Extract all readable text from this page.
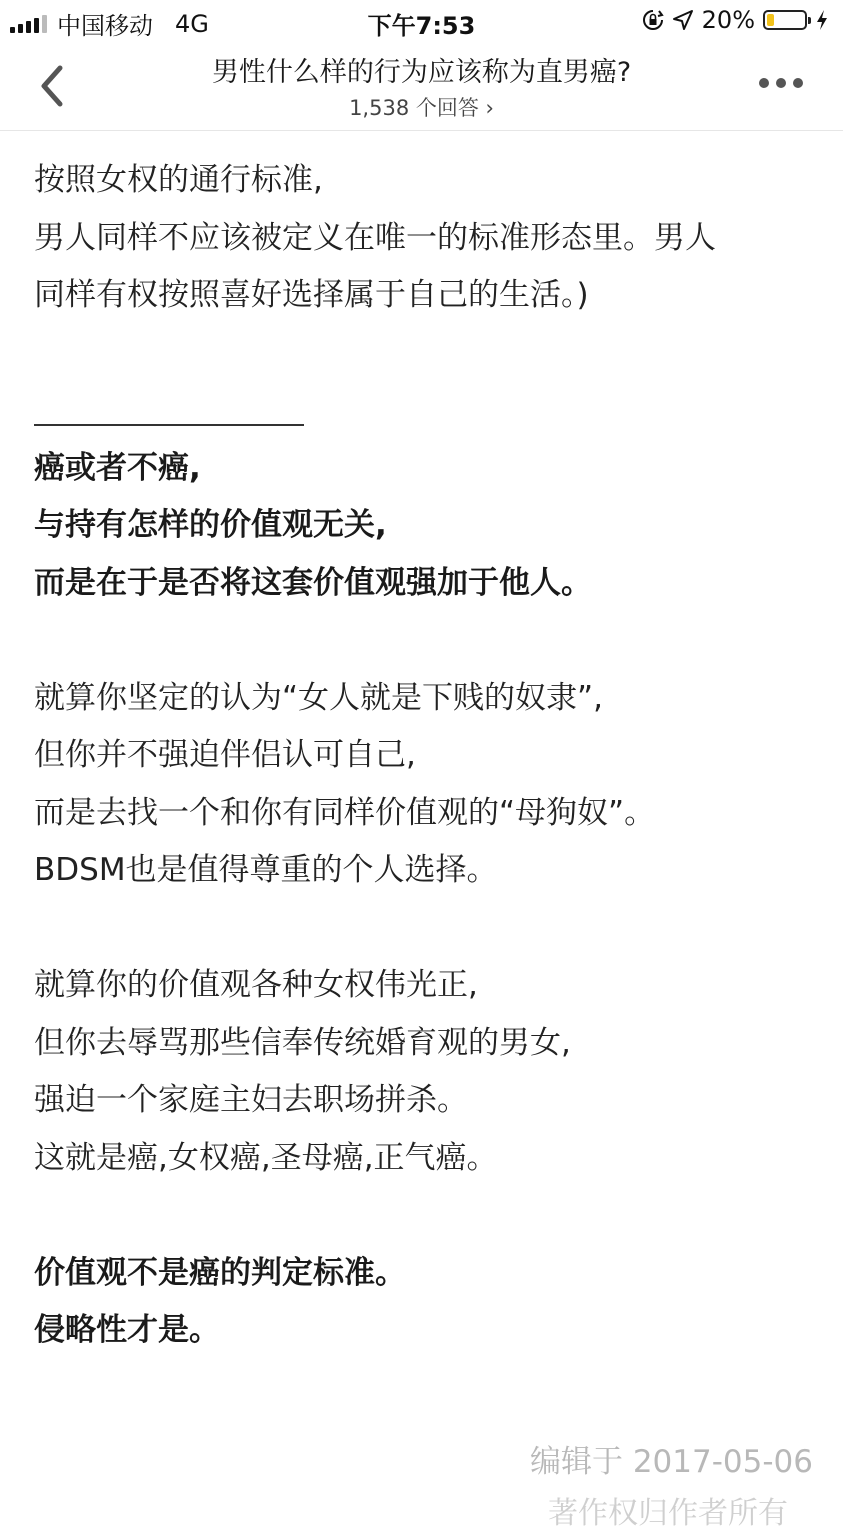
中国移动 4G	下午7:53	20%
男性什么样的行为应该称为直男癌?
1,538 个回答 ›
按照女权的通行标准,
男人同样不应该被定义在唯一的标准形态里。男人
同样有权按照喜好选择属于自己的生活。)
癌或者不癌,
与持有怎样的价值观无关,
而是在于是否将这套价值观强加于他人。
就算你坚定的认为“女人就是下贱的奴隶”,
但你并不强迫伴侣认可自己,
而是去找一个和你有同样价值观的“母狗奴”。
BDSM也是值得尊重的个人选择。
就算你的价值观各种女权伟光正,
但你去辱骂那些信奉传统婚育观的男女,
强迫一个家庭主妇去职场拼杀。
这就是癌,女权癌,圣母癌,正气癌。
价值观不是癌的判定标准。
侵略性才是。
编辑于 2017-05-06
著作权归作者所有
